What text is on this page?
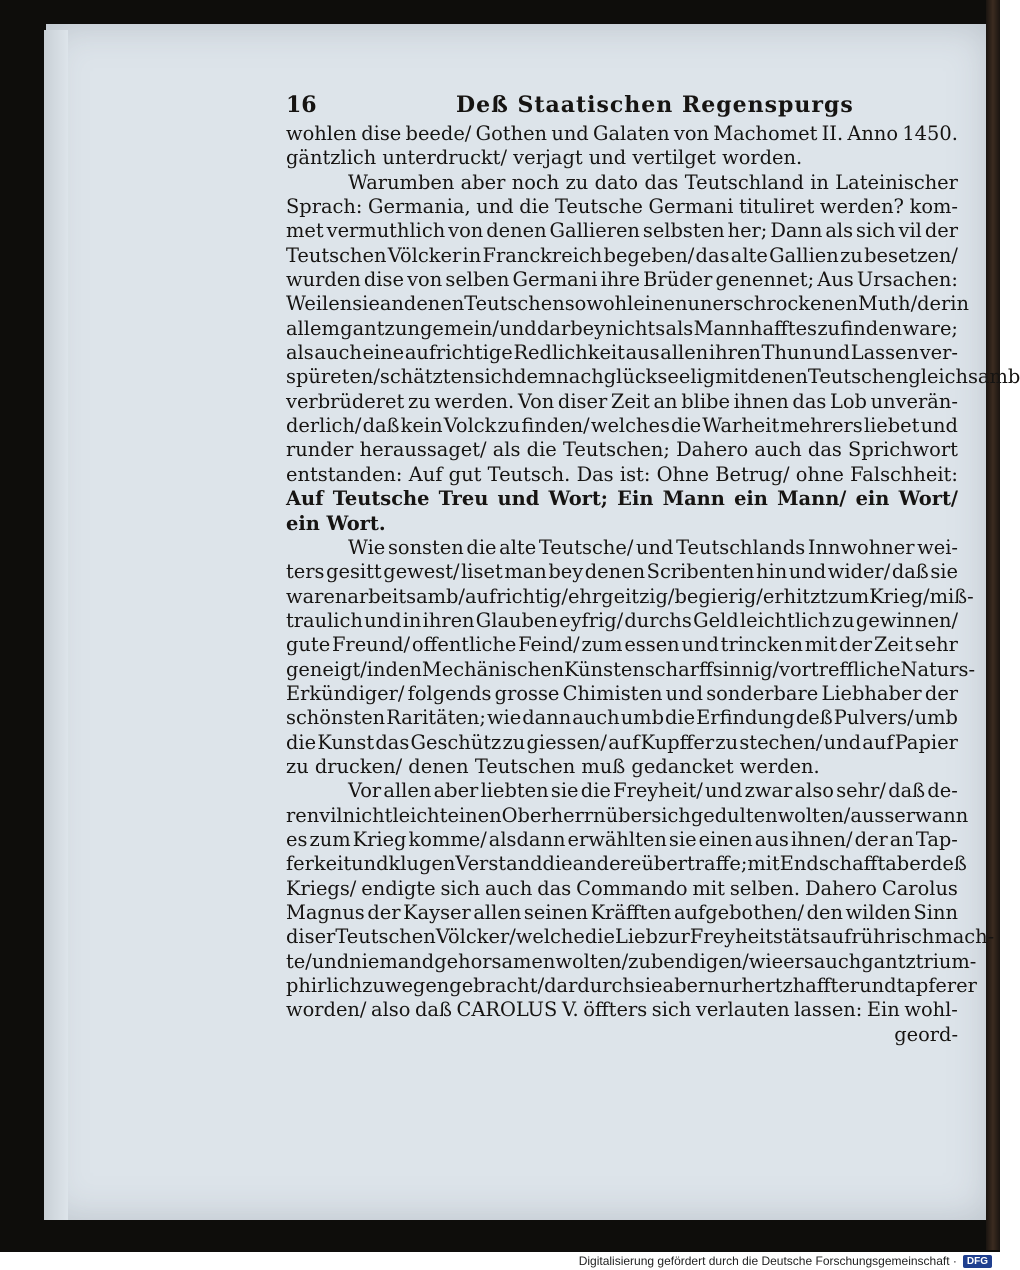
16	Deß Staatischen Regenspurgs
wohlen dise beede/ Gothen und Galaten von Machomet II. Anno 1450.
gäntzlich unterdruckt/ verjagt und vertilget worden.
Warumben aber noch zu dato das Teutschland in Lateinischer
Sprach: Germania, und die Teutsche Germani tituliret werden? kom-
met vermuthlich von denen Gallieren selbsten her; Dann als sich vil der
Teutschen Völcker in Franckreich begeben/ das alte Gallien zu besetzen/
wurden dise von selben Germani ihre Brüder genennet; Aus Ursachen:
Weilen sie an denen Teutschen so wohl einen unerschrockenen Muth/der in
allem gantz ungemein/ und darbey nichts als Mannhafftes zu finden ware;
als auch eine aufrichtige Redlichkeit aus allen ihren Thun und Lassen ver-
spüreten/ schätzten sich demnach glückseelig mit denen Teutschen gleichsamb
verbrüderet zu werden. Von diser Zeit an blibe ihnen das Lob unverän-
derlich/ daß kein Volck zu finden/ welches die Warheit mehrers liebet und
runder heraussaget/ als die Teutschen; Dahero auch das Sprichwort
entstanden: Auf gut Teutsch. Das ist: Ohne Betrug/ ohne Falschheit:
Auf Teutsche Treu und Wort; Ein Mann ein Mann/ ein Wort/
ein Wort.
Wie sonsten die alte Teutsche/ und Teutschlands Innwohner wei-
ters gesitt gewest/ liset man bey denen Scribenten hin und wider/ daß sie
waren arbeitsamb/ aufrichtig/ ehrgeitzig/ begierig/ erhitzt zum Krieg/ miß-
traulich und in ihren Glauben eyfrig/ durchs Geld leichtlich zu gewinnen/
gute Freund/ offentliche Feind/ zum essen und trincken mit der Zeit sehr
geneigt/ in den Mechänischen Künsten scharffsinnig/ vortreffliche Naturs-
Erkündiger/ folgends grosse Chimisten und sonderbare Liebhaber der
schönsten Raritäten; wie dann auch umb die Erfindung deß Pulvers/ umb
die Kunst das Geschütz zu giessen/ auf Kupffer zu stechen/ und auf Papier
zu drucken/ denen Teutschen muß gedancket werden.
Vor allen aber liebten sie die Freyheit/ und zwar also sehr/ daß de-
ren vil nicht leicht einen Oberherrn über sich gedulten wolten/ ausser wann
es zum Krieg komme/ alsdann erwählten sie einen aus ihnen/ der an Tap-
ferkeit und klugen Verstand die andere übertraffe; mit Endschafft aber deß
Kriegs/ endigte sich auch das Commando mit selben. Dahero Carolus
Magnus der Kayser allen seinen Kräfften aufgebothen/ den wilden Sinn
diser Teutschen Völcker/ welche die Lieb zur Freyheit stäts aufrührisch mach-
te/ und niemand gehorsamen wolten/ zu bendigen/ wie ers auch gantz trium-
phirlich zu wegen gebracht/ dardurch sie aber nur hertzhaffter und tapferer
worden/ also daß CAROLUS V. öffters sich verlauten lassen: Ein wohl-
geord-
Digitalisierung gefördert durch die Deutsche Forschungsgemeinschaft ·	DFG
